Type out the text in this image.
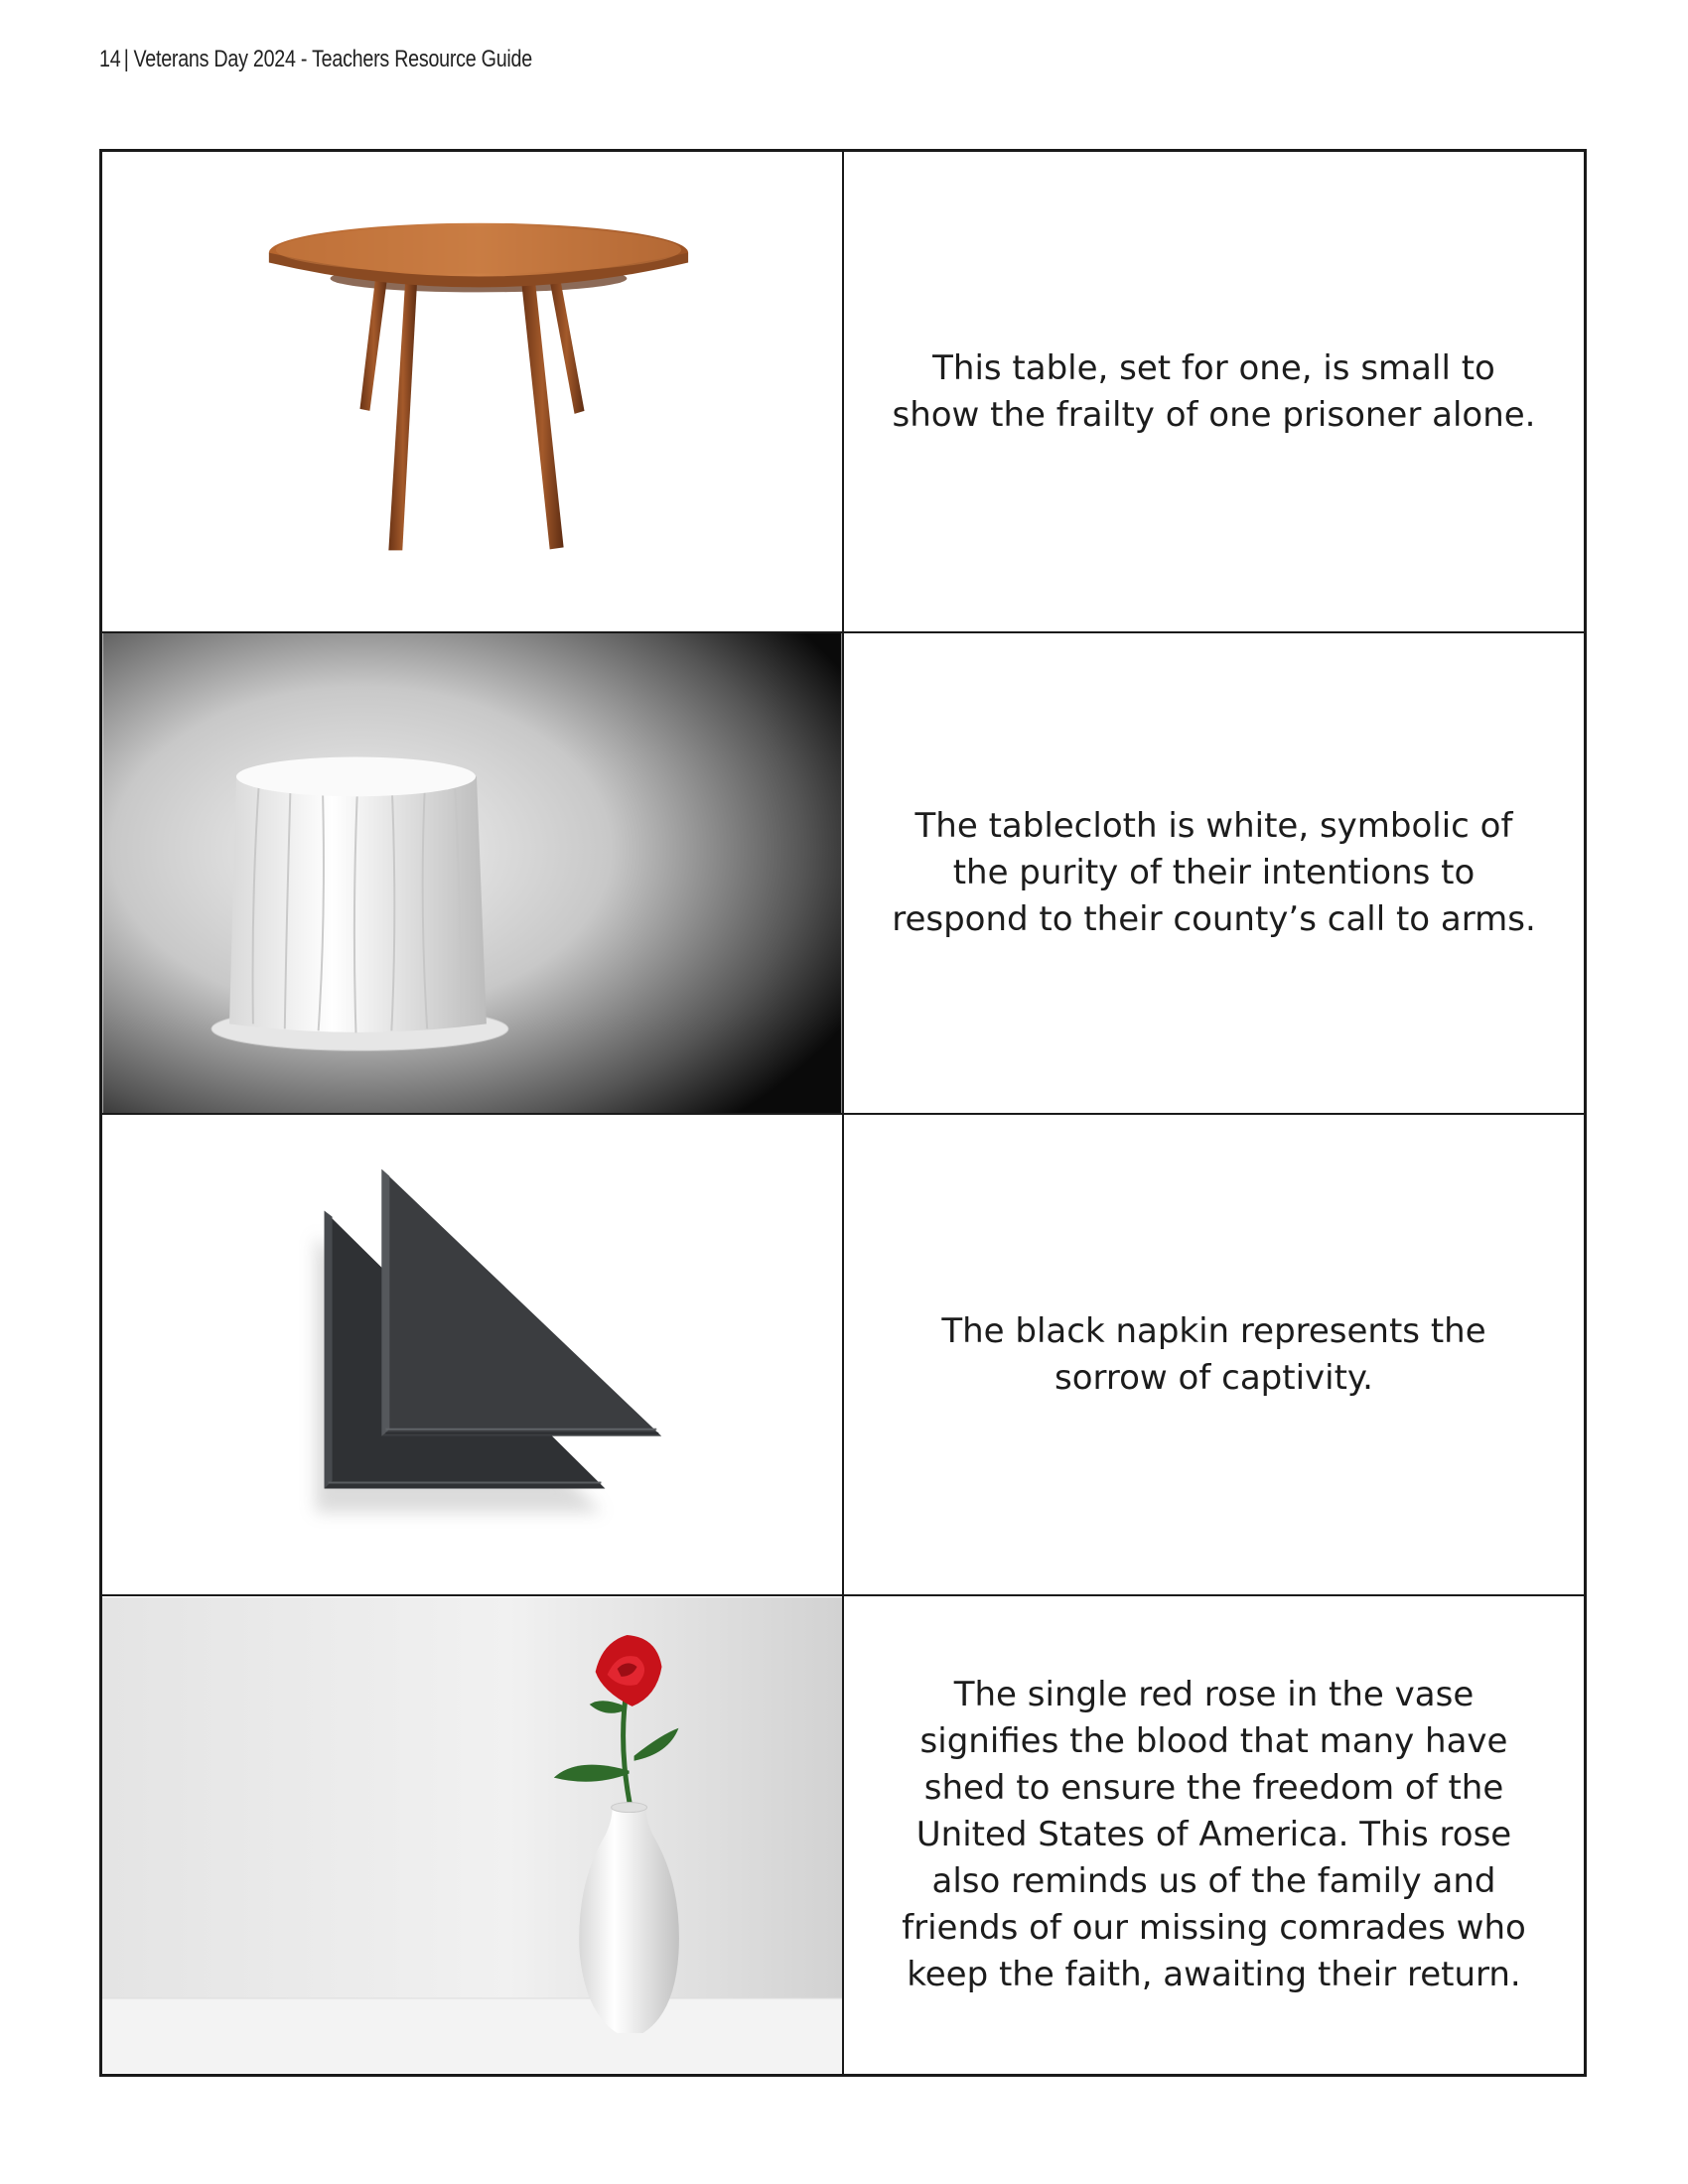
14 | Veterans Day 2024 - Teachers Resource Guide
This table, set for one, is small to show the frailty of one prisoner alone.
The tablecloth is white, symbolic of the purity of their intentions to respond to their county’s call to arms.
The black napkin represents the sorrow of captivity.
The single red rose in the vase signifies the blood that many have shed to ensure the freedom of the United States of America. This rose also reminds us of the family and friends of our missing comrades who keep the faith, awaiting their return.
